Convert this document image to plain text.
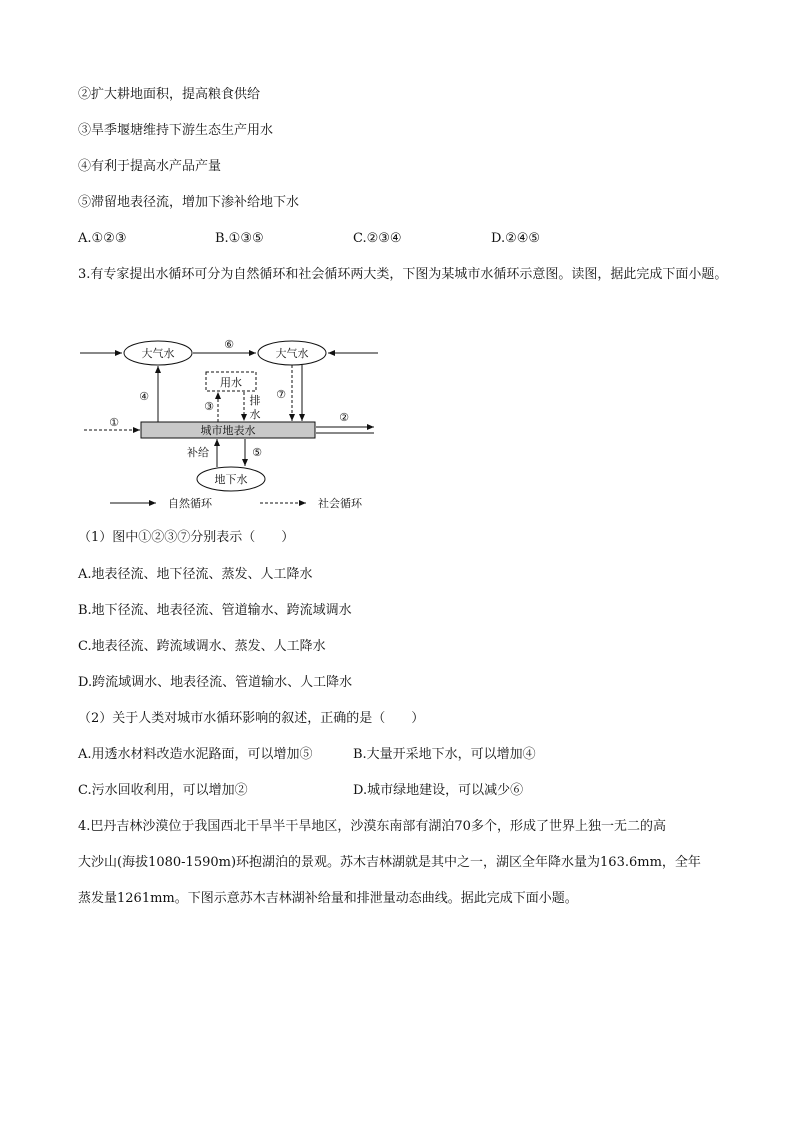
②扩大耕地面积，提高粮食供给
③旱季堰塘维持下游生态生产用水
④有利于提高水产品产量
⑤滞留地表径流，增加下渗补给地下水
A.①②③	B.①③⑤	C.②③④	D.②④⑤
3.有专家提出水循环可分为自然循环和社会循环两大类，下图为某城市水循环示意图。读图，据此完成下面小题。
大气水	大气水
⑥
用水
城市地表水
④
③	排
水
⑦
①	②
地下水
补给	⑤
自然循环	社会循环
（1）图中①②③⑦分别表示（　　）
A.地表径流、地下径流、蒸发、人工降水
B.地下径流、地表径流、管道输水、跨流域调水
C.地表径流、跨流域调水、蒸发、人工降水
D.跨流域调水、地表径流、管道输水、人工降水
（2）关于人类对城市水循环影响的叙述，正确的是（　　）
A.用透水材料改造水泥路面，可以增加⑤	B.大量开采地下水，可以增加④
C.污水回收利用，可以增加②	D.城市绿地建设，可以减少⑥
4.巴丹吉林沙漠位于我国西北干旱半干旱地区，沙漠东南部有湖泊70多个，形成了世界上独一无二的高
大沙山(海拔1080-1590m)环抱湖泊的景观。苏木吉林湖就是其中之一，湖区全年降水量为163.6mm，全年
蒸发量1261mm。下图示意苏木吉林湖补给量和排泄量动态曲线。据此完成下面小题。
